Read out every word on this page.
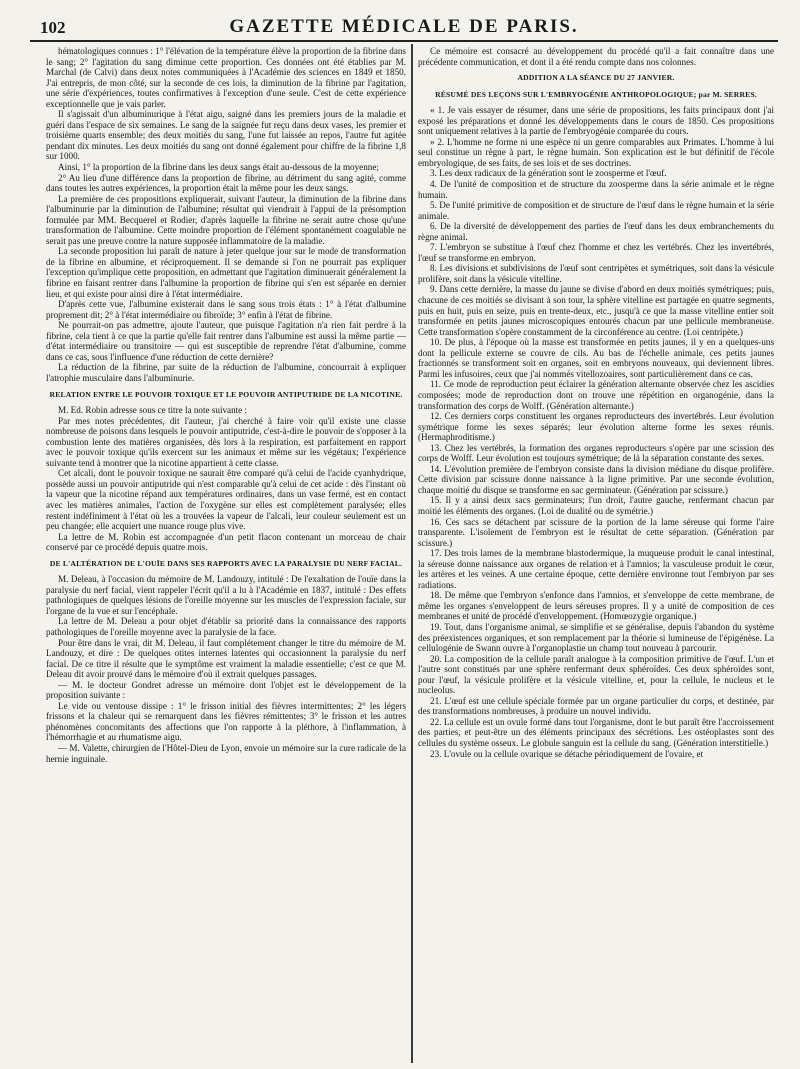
102	GAZETTE MÉDICALE DE PARIS.

hématologiques connues : 1° l'élévation de la température élève la proportion de la fibrine dans le sang; 2° l'agitation du sang diminue cette proportion. Ces données ont été établies par M. Marchal (de Calvi) dans deux notes communiquées à l'Académie des sciences en 1849 et 1850. J'ai entrepris, de mon côté, sur la seconde de ces lois, la diminution de la fibrine par l'agitation, une série d'expériences, toutes confirmatives à l'exception d'une seule. C'est de cette expérience exceptionnelle que je vais parler.

Il s'agissait d'un albuminurique à l'état aigu, saigné dans les premiers jours de la maladie et guéri dans l'espace de six semaines. Le sang de la saignée fut reçu dans deux vases, les premier et troisième quarts ensemble; des deux moitiés du sang, l'une fut laissée au repos, l'autre fut agitée pendant dix minutes. Les deux moitiés du sang ont donné également pour chiffre de la fibrine 1,8 sur 1000.

Ainsi, 1° la proportion de la fibrine dans les deux sangs était au-dessous de la moyenne;

2° Au lieu d'une différence dans la proportion de fibrine, au détriment du sang agité, comme dans toutes les autres expériences, la proportion était la même pour les deux sangs.

La première de ces propositions expliquerait, suivant l'auteur, la diminution de la fibrine dans l'albuminurie par la diminution de l'albumine; résultat qui viendrait à l'appui de la présomption formulée par MM. Becquerel et Rodier, d'après laquelle la fibrine ne serait autre chose qu'une transformation de l'albumine. Cette moindre proportion de l'élément spontanément coagulable ne serait pas une preuve contre la nature supposée inflammatoire de la maladie.

La seconde proposition lui paraît de nature à jeter quelque jour sur le mode de transformation de la fibrine en albumine, et réciproquement. Il se demande si l'on ne pourrait pas expliquer l'exception qu'implique cette proposition, en admettant que l'agitation diminuerait généralement la fibrine en faisant rentrer dans l'albumine la proportion de fibrine qui s'en est séparée en dernier lieu, et qui existe pour ainsi dire à l'état intermédiaire.

D'après cette vue, l'albumine existerait dans le sang sous trois états : 1° à l'état d'albumine proprement dit; 2° à l'état intermédiaire ou fibroïde; 3° enfin à l'état de fibrine.

Ne pourrait-on pas admettre, ajoute l'auteur, que puisque l'agitation n'a rien fait perdre à la fibrine, cela tient à ce que la partie qu'elle fait rentrer dans l'albumine est aussi la même partie — d'état intermédiaire ou transitoire — qui est susceptible de reprendre l'état d'albumine, comme dans ce cas, sous l'influence d'une réduction de cette dernière?

La réduction de la fibrine, par suite de la réduction de l'albumine, concourrait à expliquer l'atrophie musculaire dans l'albuminurie.

RELATION ENTRE LE POUVOIR TOXIQUE ET LE POUVOIR ANTIPUTRIDE DE LA NICOTINE.

M. Ed. Robin adresse sous ce titre la note suivante :

Par mes notes précédentes, dit l'auteur, j'ai cherché à faire voir qu'il existe une classe nombreuse de poisons dans lesquels le pouvoir antiputride, c'est-à-dire le pouvoir de s'opposer à la combustion lente des matières organisées, dès lors à la respiration, est parfaitement en rapport avec le pouvoir toxique qu'ils exercent sur les animaux et même sur les végétaux; l'expérience suivante tend à montrer que la nicotine appartient à cette classe.

Cet alcali, dont le pouvoir toxique ne saurait être comparé qu'à celui de l'acide cyanhydrique, possède aussi un pouvoir antiputride qui n'est comparable qu'à celui de cet acide : dès l'instant où la vapeur que la nicotine répand aux températures ordinaires, dans un vase fermé, est en contact avec les matières animales, l'action de l'oxygène sur elles est complètement paralysée; elles restent indéfiniment à l'état où les a trouvées la vapeur de l'alcali, leur couleur seulement est un peu changée; elle acquiert une nuance rouge plus vive.

La lettre de M. Robin est accompagnée d'un petit flacon contenant un morceau de chair conservé par ce procédé depuis quatre mois.

DE L'ALTÉRATION DE L'OUÏE DANS SES RAPPORTS AVEC LA PARALYSIE DU NERF FACIAL.

M. Deleau, à l'occasion du mémoire de M. Landouzy, intitulé : De l'exaltation de l'ouïe dans la paralysie du nerf facial, vient rappeler l'écrit qu'il a lu à l'Académie en 1837, intitulé : Des effets pathologiques de quelques lésions de l'oreille moyenne sur les muscles de l'expression faciale, sur l'organe de la vue et sur l'encéphale.

La lettre de M. Deleau a pour objet d'établir sa priorité dans la connaissance des rapports pathologiques de l'oreille moyenne avec la paralysie de la face.

Pour être dans le vrai, dit M. Deleau, il faut complétement changer le titre du mémoire de M. Landouzy, et dire : De quelques otites internes latentes qui occasionnent la paralysie du nerf facial. De ce titre il résulte que le symptôme est vraiment la maladie essentielle; c'est ce que M. Deleau dit avoir prouvé dans le mémoire d'où il extrait quelques passages.

— M. le docteur Gondret adresse un mémoire dont l'objet est le développement de la proposition suivante :

Le vide ou ventouse dissipe : 1° le frisson initial des fièvres intermittentes; 2° les légers frissons et la chaleur qui se remarquent dans les fièvres rémittentes; 3° le frisson et les autres phénomènes concomitants des affections que l'on rapporte à la pléthore, à l'inflammation, à l'hémorrhagie et au rhumatisme aigu.

— M. Valette, chirurgien de l'Hôtel-Dieu de Lyon, envoie un mémoire sur la cure radicale de la hernie inguinale.

Ce mémoire est consacré au développement du procédé qu'il a fait connaître dans une précédente communication, et dont il a été rendu compte dans nos colonnes.

ADDITION A LA SÉANCE DU 27 JANVIER.
RÉSUMÉ DES LEÇONS SUR L'EMBRYOGÉNIE ANTHROPOLOGIQUE; par M. SERRES.

« 1. Je vais essayer de résumer, dans une série de propositions, les faits principaux dont j'ai exposé les préparations et donné les développements dans le cours de 1850. Ces propositions sont uniquement relatives à la partie de l'embryogénie comparée du cours.

» 2. L'homme ne forme ni une espèce ni un genre comparables aux Primates. L'homme à lui seul constitue un règne à part, le règne humain. Son explication est le but définitif de l'école embryologique, de ses faits, de ses lois et de ses doctrines.

3. Les deux radicaux de la génération sont le zoosperme et l'œuf.

4. De l'unité de composition et de structure du zoosperme dans la série animale et le règne humain.

5. De l'unité primitive de composition et de structure de l'œuf dans le règne humain et la série animale.

6. De la diversité de développement des parties de l'œuf dans les deux embranchements du règne animal.

7. L'embryon se substitue à l'œuf chez l'homme et chez les vertébrés. Chez les invertébrés, l'œuf se transforme en embryon.

8. Les divisions et subdivisions de l'œuf sont centripètes et symétriques, soit dans la vésicule prolifère, soit dans la vésicule vitelline.

9. Dans cette dernière, la masse du jaune se divise d'abord en deux moitiés symétriques; puis, chacune de ces moitiés se divisant à son tour, la sphère vitelline est partagée en quatre segments, puis en huit, puis en seize, puis en trente-deux, etc., jusqu'à ce que la masse vitelline entier soit transformée en petits jaunes microscopiques entourés chacun par une pellicule membraneuse. Cette transformation s'opère constamment de la circonférence au centre. (Loi centripète.)

10. De plus, à l'époque où la masse est transformée en petits jaunes, il y en a quelques-uns dont la pellicule externe se couvre de cils. Au bas de l'échelle animale, ces petits jaunes fractionnés se transforment soit en organes, soit en embryons nouveaux, qui deviennent libres. Parmi les infusoires, ceux que j'ai nommés vitellozoaires, sont particulièrement dans ce cas.

11. Ce mode de reproduction peut éclairer la génération alternante observée chez les ascidies composées; mode de reproduction dont on trouve une répétition en organogénie, dans la transformation des corps de Wolff. (Génération alternante.)

12. Ces derniers corps constituent les organes reproducteurs des invertébrés. Leur évolution symétrique forme les sexes séparés; leur évolution alterne forme les sexes réunis. (Hermaphroditisme.)

13. Chez les vertébrés, la formation des organes reproducteurs s'opère par une scission des corps de Wolff. Leur évolution est toujours symétrique; de là la séparation constante des sexes.

14. L'évolution première de l'embryon consiste dans la division médiane du disque prolifère. Cette division par scissure donne naissance à la ligne primitive. Par une seconde évolution, chaque moitié du disque se transforme en sac germinateur. (Génération par scissure.)

15. Il y a ainsi deux sacs germinateurs; l'un droit, l'autre gauche, renfermant chacun par moitié les éléments des organes. (Loi de dualité ou de symétrie.)

16. Ces sacs se détachent par scissure de la portion de la lame séreuse qui forme l'aire transparente. L'isolement de l'embryon est le résultat de cette séparation. (Génération par scissure.)

17. Des trois lames de la membrane blastodermique, la muqueuse produit le canal intestinal, la séreuse donne naissance aux organes de relation et à l'amnios; la vasculeuse produit le cœur, les artères et les veines. A une certaine époque, cette dernière environne tout l'embryon par ses radiations.

18. De même que l'embryon s'enfonce dans l'amnios, et s'enveloppe de cette membrane, de même les organes s'enveloppent de leurs séreuses propres. Il y a unité de composition de ces membranes et unité de procédé d'enveloppement. (Homœozygie organique.)

19. Tout, dans l'organisme animal, se simplifie et se généralise, depuis l'abandon du système des préexistences organiques, et son remplacement par la théorie si lumineuse de l'épigénèse. La cellulogénie de Swann ouvre à l'organoplastie un champ tout nouveau à parcourir.

20. La composition de la cellule paraît analogue à la composition primitive de l'œuf. L'un et l'autre sont constitués par une sphère renfermant deux sphéroïdes. Ces deux sphéroïdes sont, pour l'œuf, la vésicule prolifère et la vésicule vitelline, et, pour la cellule, le nucleus et le nucleolus.

21. L'œuf est une cellule spéciale formée par un organe particulier du corps, et destinée, par des transformations nombreuses, à produire un nouvel individu.

22. La cellule est un ovule formé dans tout l'organisme, dont le but paraît être l'accroissement des parties, et peut-être un des éléments principaux des sécrétions. Les ostéoplastes sont des cellules du système osseux. Le globule sanguin est la cellule du sang. (Génération interstitielle.)

23. L'ovule ou la cellule ovarique se détache périodiquement de l'ovaire, et
